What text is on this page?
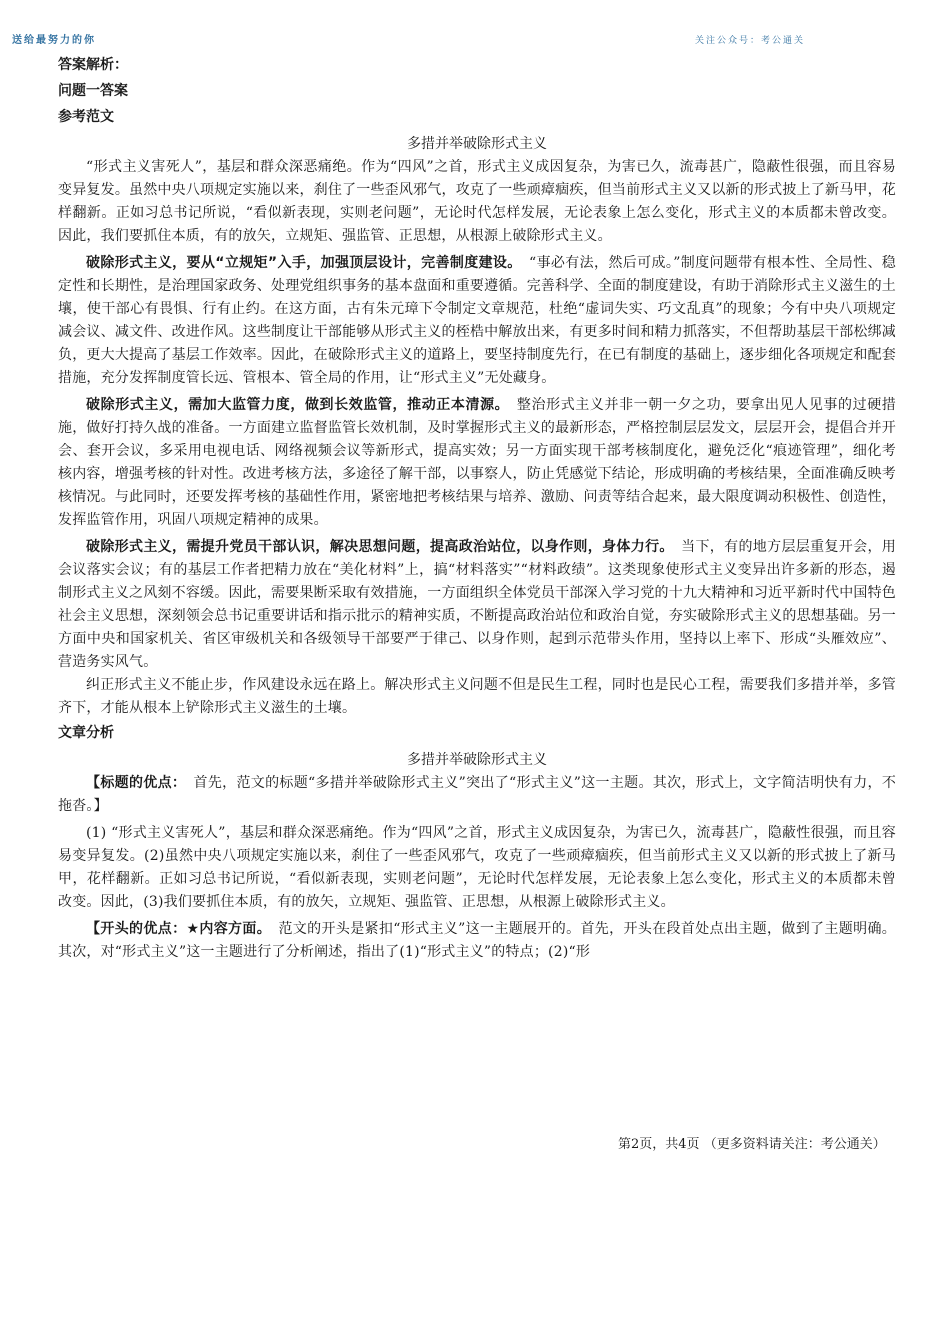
送给最努力的你	关注公众号：考公通关
答案解析：
问题一答案
参考范文
多措并举破除形式主义

“形式主义害死人”，基层和群众深恶痛绝。作为“四风”之首，形式主义成因复杂，为害已久，流毒甚广，隐蔽性很强，而且容易变异复发。虽然中央八项规定实施以来，刹住了一些歪风邪气，攻克了一些顽瘴痼疾，但当前形式主义又以新的形式披上了新马甲，花样翻新。正如习总书记所说，“看似新表现，实则老问题”，无论时代怎样发展，无论表象上怎么变化，形式主义的本质都未曾改变。因此，我们要抓住本质，有的放矢，立规矩、强监管、正思想，从根源上破除形式主义。

破除形式主义，要从“立规矩”入手，加强顶层设计，完善制度建设。　 “事必有法，然后可成。”制度问题带有根本性、全局性、稳定性和长期性，是治理国家政务、处理党组织事务的基本盘面和重要遵循。完善科学、全面的制度建设，有助于消除形式主义滋生的土壤，使干部心有畏惧、行有止约。在这方面，古有朱元璋下令制定文章规范，杜绝“虚词失实、巧文乱真”的现象；今有中央八项规定减会议、减文件、改进作风。这些制度让干部能够从形式主义的桎梏中解放出来，有更多时间和精力抓落实，不但帮助基层干部松绑减负，更大大提高了基层工作效率。因此，在破除形式主义的道路上，要坚持制度先行，在已有制度的基础上，逐步细化各项规定和配套措施，充分发挥制度管长远、管根本、管全局的作用，让“形式主义”无处藏身。

破除形式主义，需加大监管力度，做到长效监管，推动正本清源。　 整治形式主义并非一朝一夕之功，要拿出见人见事的过硬措施，做好打持久战的准备。一方面建立监督监管长效机制，及时掌握形式主义的最新形态，严格控制层层发文，层层开会，提倡合并开会、套开会议，多采用电视电话、网络视频会议等新形式，提高实效；另一方面实现干部考核制度化，避免泛化“痕迹管理”，细化考核内容，增强考核的针对性。改进考核方法，多途径了解干部，以事察人，防止凭感觉下结论，形成明确的考核结果，全面准确反映考核情况。与此同时，还要发挥考核的基础性作用，紧密地把考核结果与培养、激励、问责等结合起来，最大限度调动积极性、创造性，发挥监管作用，巩固八项规定精神的成果。

破除形式主义，需提升党员干部认识，解决思想问题，提高政治站位，以身作则，身体力行。　 当下，有的地方层层重复开会，用会议落实会议；有的基层工作者把精力放在“美化材料”上，搞“材料落实”“材料政绩”。这类现象使形式主义变异出许多新的形态，遏制形式主义之风刻不容缓。因此，需要果断采取有效措施，一方面组织全体党员干部深入学习党的十九大精神和习近平新时代中国特色社会主义思想，深刻领会总书记重要讲话和指示批示的精神实质，不断提高政治站位和政治自觉，夯实破除形式主义的思想基础。另一方面中央和国家机关、省区审级机关和各级领导干部要严于律己、以身作则，起到示范带头作用，坚持以上率下、形成“头雁效应”、营造务实风气。

纠正形式主义不能止步，作风建设永远在路上。解决形式主义问题不但是民生工程，同时也是民心工程，需要我们多措并举，多管齐下，才能从根本上铲除形式主义滋生的土壤。

文章分析
多措并举破除形式主义

【标题的优点：　 首先，范文的标题“多措并举破除形式主义”突出了“形式主义”这一主题。其次，形式上，文字简洁明快有力，不拖沓。】

(1) “形式主义害死人”，基层和群众深恶痛绝。作为“四风”之首，形式主义成因复杂，为害已久，流毒甚广，隐蔽性很强，而且容易变异复发。(2)虽然中央八项规定实施以来，刹住了一些歪风邪气，攻克了一些顽瘴痼疾，但当前形式主义又以新的形式披上了新马甲，花样翻新。正如习总书记所说，“看似新表现，实则老问题”，无论时代怎样发展，无论表象上怎么变化，形式主义的本质都未曾改变。因此，(3)我们要抓住本质，有的放矢，立规矩、强监管、正思想，从根源上破除形式主义。

【开头的优点：★内容方面。　 范文的开头是紧扣“形式主义”这一主题展开的。首先，开头在段首处点出主题，做到了主题明确。其次，对“形式主义”这一主题进行了分析阐述，指出了(1)“形式主义”的特点；(2)“形

第2页，共4页 （更多资料请关注：考公通关）
